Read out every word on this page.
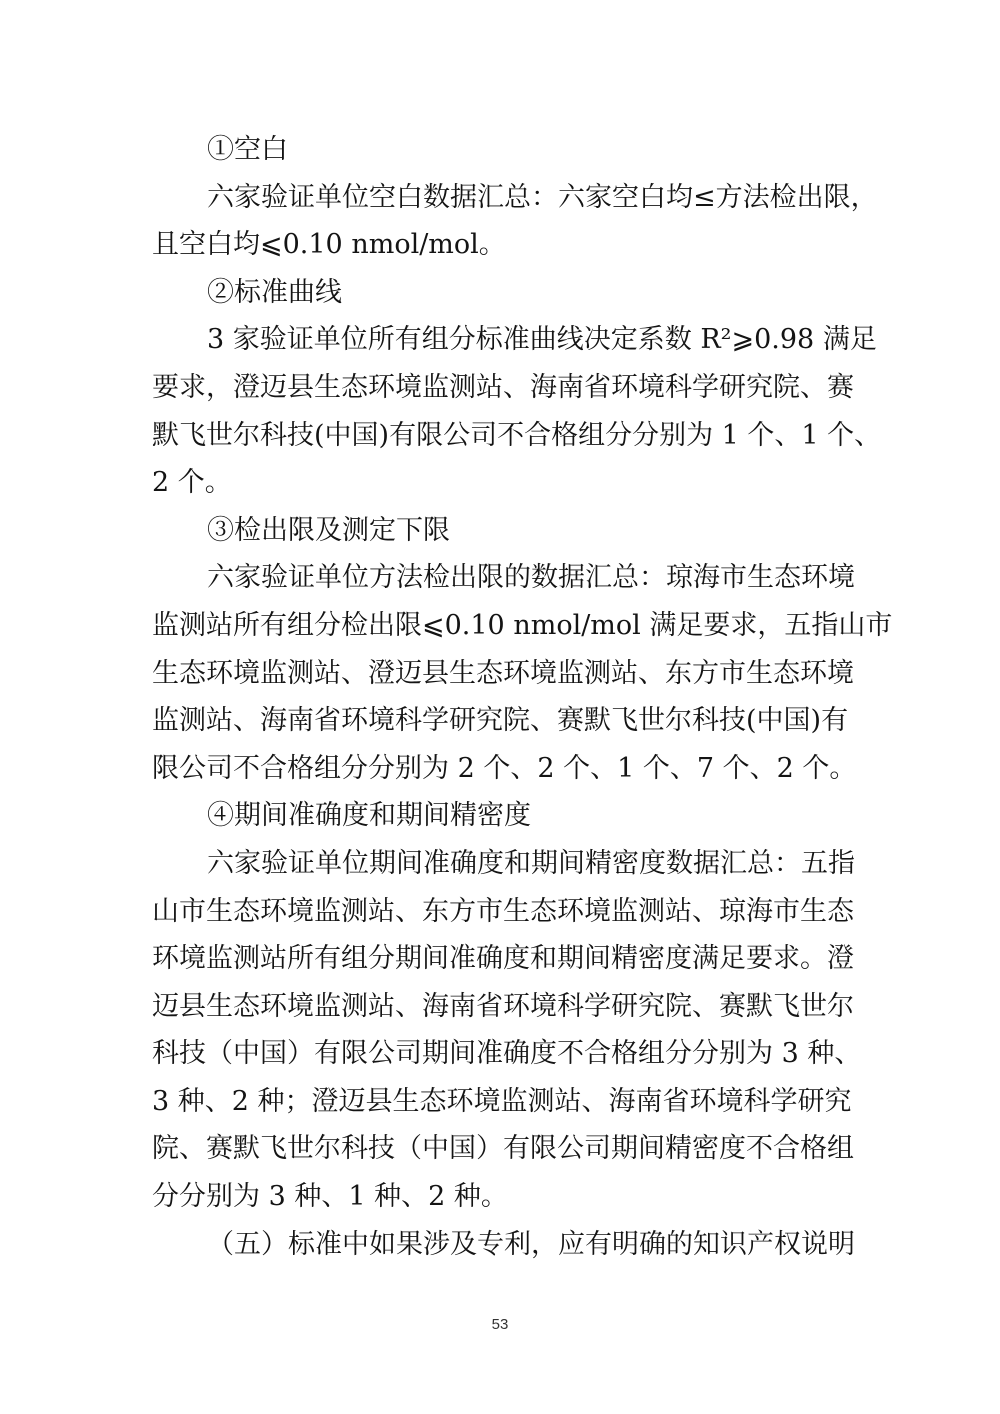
①空白

六家验证单位空白数据汇总：六家空白均≤方法检出限，

且空白均⩽0.10 nmol/mol。

②标准曲线

3 家验证单位所有组分标准曲线决定系数 R²⩾0.98 满足

要求，澄迈县生态环境监测站、海南省环境科学研究院、赛

默飞世尔科技(中国)有限公司不合格组分分别为 1 个、1 个、

2 个。

③检出限及测定下限

六家验证单位方法检出限的数据汇总：琼海市生态环境

监测站所有组分检出限⩽0.10 nmol/mol 满足要求，五指山市

生态环境监测站、澄迈县生态环境监测站、东方市生态环境

监测站、海南省环境科学研究院、赛默飞世尔科技(中国)有

限公司不合格组分分别为 2 个、2 个、1 个、7 个、2 个。

④期间准确度和期间精密度

六家验证单位期间准确度和期间精密度数据汇总：五指

山市生态环境监测站、东方市生态环境监测站、琼海市生态

环境监测站所有组分期间准确度和期间精密度满足要求。澄

迈县生态环境监测站、海南省环境科学研究院、赛默飞世尔

科技（中国）有限公司期间准确度不合格组分分别为 3 种、

3 种、2 种；澄迈县生态环境监测站、海南省环境科学研究

院、赛默飞世尔科技（中国）有限公司期间精密度不合格组

分分别为 3 种、1 种、2 种。

（五）标准中如果涉及专利，应有明确的知识产权说明

53
